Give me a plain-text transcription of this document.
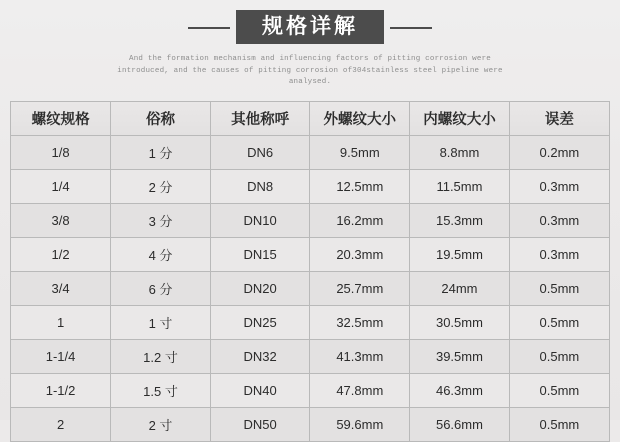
规格详解
And the formation mechanism and influencing factors of pitting corrosion were introduced, and the causes of pitting corrosion of304stainless steel pipeline were analysed.
螺纹规格	俗称	其他称呼	外螺纹大小	内螺纹大小	误差
1/8	1 分	DN6	9.5mm	8.8mm	0.2mm
1/4	2 分	DN8	12.5mm	11.5mm	0.3mm
3/8	3 分	DN10	16.2mm	15.3mm	0.3mm
1/2	4 分	DN15	20.3mm	19.5mm	0.3mm
3/4	6 分	DN20	25.7mm	24mm	0.5mm
1	1 寸	DN25	32.5mm	30.5mm	0.5mm
1-1/4	1.2 寸	DN32	41.3mm	39.5mm	0.5mm
1-1/2	1.5 寸	DN40	47.8mm	46.3mm	0.5mm
2	2 寸	DN50	59.6mm	56.6mm	0.5mm
